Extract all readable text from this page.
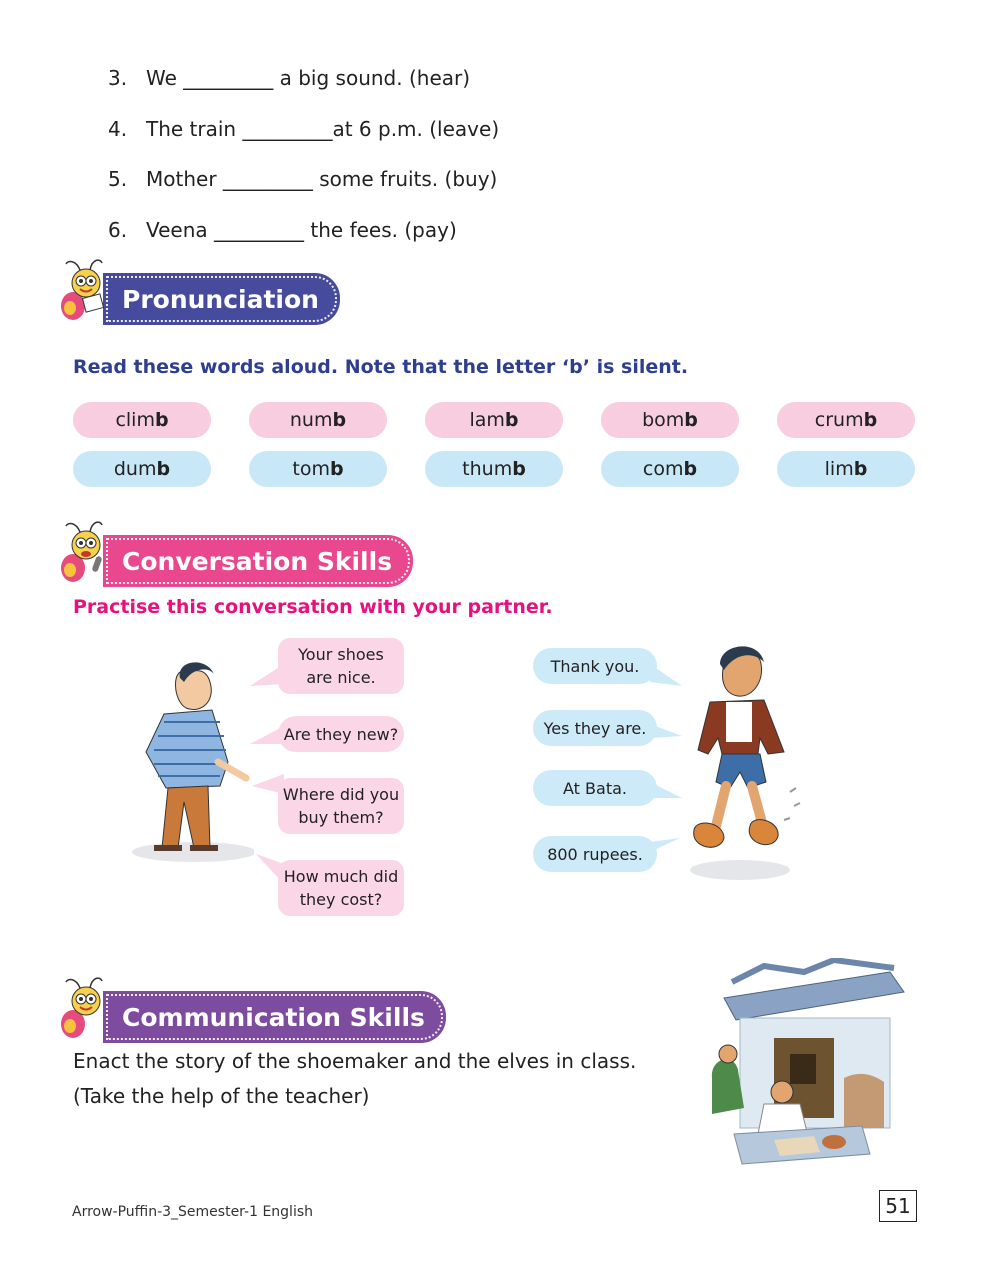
3. We _________ a big sound. (hear)
4. The train _________at 6 p.m. (leave)
5. Mother _________ some fruits. (buy)
6. Veena _________ the fees. (pay)
Pronunciation
Read these words aloud. Note that the letter ‘b’ is silent.
clim b	num b	lam b	bom b	crum b
dum b	tom b	thum b	com b	lim b
Conversation Skills
Practise this conversation with your partner.
Your shoes
are nice.
Are they new?
Where did you
buy them?
How much did
they cost?
Thank you.
Yes they are.
At Bata.
800 rupees.
Communication Skills
Enact the story of the shoemaker and the elves in class.
(Take the help of the teacher)
Arrow-Puffin-3_Semester-1 English	51
